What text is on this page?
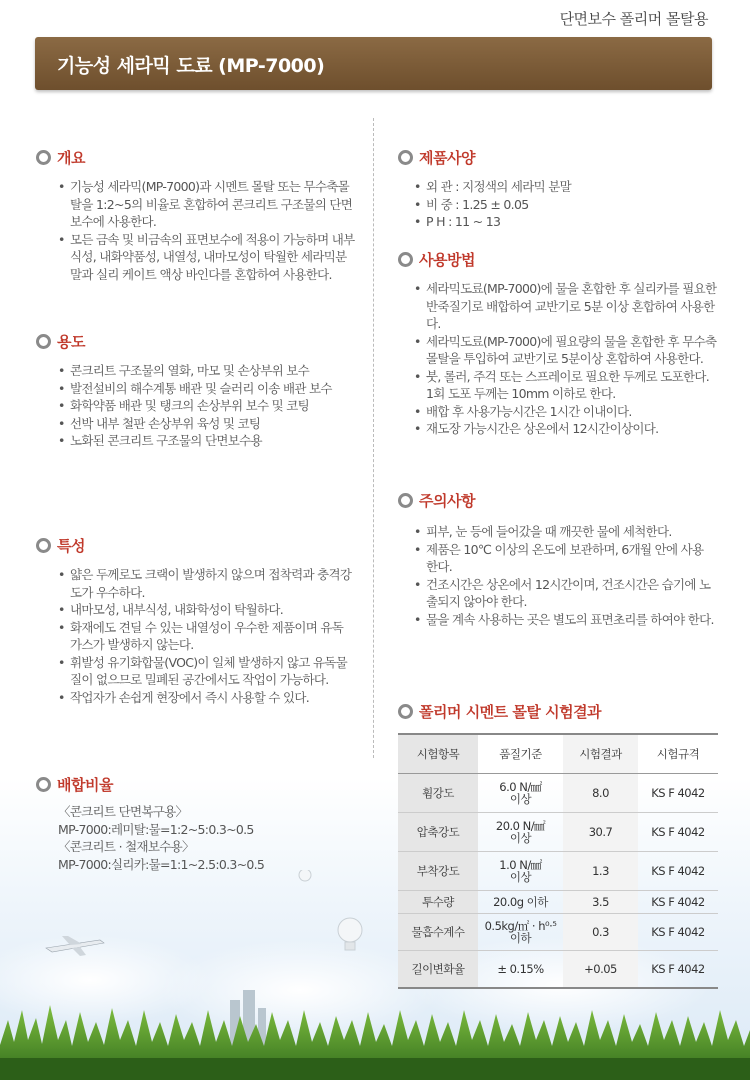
단면보수 폴리머 몰탈용
기능성 세라믹 도료 (MP-7000)
개요
• 기능성 세라믹(MP-7000)과 시멘트 몰탈 또는 무수축몰탈을 1:2~5의 비율로 혼합하여 콘크리트 구조물의 단면보수에 사용한다.
• 모든 금속 및 비금속의 표면보수에 적용이 가능하며 내부식성, 내화약품성, 내열성, 내마모성이 탁월한 세라믹분말과 실리 케이트 액상 바인다를 혼합하여 사용한다.
용도
• 콘크리트 구조물의 열화, 마모 및 손상부위 보수
• 발전설비의 해수계통 배관 및 슬러리 이송 배관 보수
• 화학약품 배관 및 탱크의 손상부위 보수 및 코팅
• 선박 내부 철판 손상부위 육성 및 코팅
• 노화된 콘크리트 구조물의 단면보수용
특성
• 얇은 두께로도 크랙이 발생하지 않으며 접착력과 충격강도가 우수하다.
• 내마모성, 내부식성, 내화학성이 탁월하다.
• 화재에도 견딜 수 있는 내열성이 우수한 제품이며 유독가스가 발생하지 않는다.
• 휘발성 유기화합물(VOC)이 일체 발생하지 않고 유독물질이 없으므로 밀폐된 공간에서도 작업이 가능하다.
• 작업자가 손쉽게 현장에서 즉시 사용할 수 있다.
배합비율
〈콘크리트 단면복구용〉
MP-7000:레미탈:물=1:2~5:0.3~0.5
〈콘크리트 · 철재보수용〉
MP-7000:실리카:물=1:1~2.5:0.3~0.5
제품사양
• 외 관 : 지정색의 세라믹 분말
• 비 중 : 1.25 ± 0.05
• P H : 11 ~ 13
사용방법
• 세라믹도료(MP-7000)에 물을 혼합한 후 실리카를 필요한 반죽질기로 배합하여 교반기로 5분 이상 혼합하여 사용한다.
• 세라믹도료(MP-7000)에 필요량의 물을 혼합한 후 무수축 몰탈을 투입하여 교반기로 5분이상 혼합하여 사용한다.
• 붓, 롤러, 주걱 또는 스프레이로 필요한 두께로 도포한다. 1회 도포 두께는 10mm 이하로 한다.
• 배합 후 사용가능시간은 1시간 이내이다.
• 재도장 가능시간은 상온에서 12시간이상이다.
주의사항
• 피부, 눈 등에 들어갔을 때 깨끗한 물에 세척한다.
• 제품은 10℃ 이상의 온도에 보관하며, 6개월 안에 사용한다.
• 건조시간은 상온에서 12시간이며, 건조시간은 습기에 노출되지 않아야 한다.
• 물을 계속 사용하는 곳은 별도의 표면초리를 하여야 한다.
폴리머 시멘트 몰탈 시험결과
시험항목	품질기준	시험결과	시험규격
휨강도	6.0 N/㎟
이상	8.0	KS F 4042
압축강도	20.0 N/㎟
이상	30.7	KS F 4042
부착강도	1.0 N/㎟
이상	1.3	KS F 4042
투수량	20.0g 이하	3.5	KS F 4042
물흡수계수	0.5kg/㎡ · h⁰·⁵
이하	0.3	KS F 4042
길이변화율	± 0.15%	+0.05	KS F 4042
